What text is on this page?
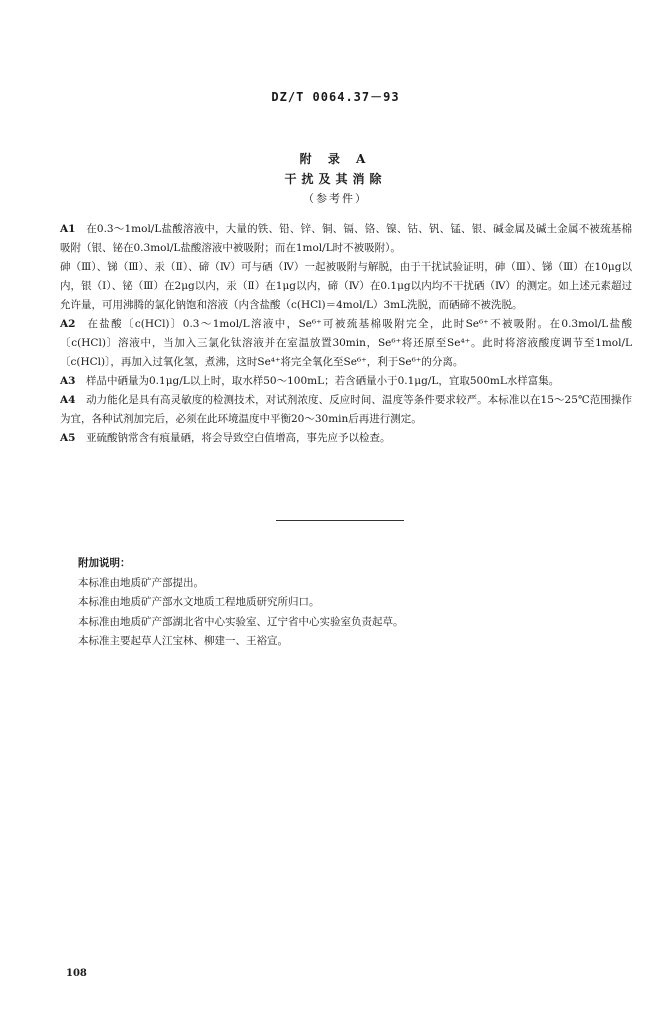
DZ/T 0064.37－93
附 录 A
干扰及其消除
（参考件）

A1 在0.3～1mol/L盐酸溶液中，大量的铁、铅、锌、铜、镉、铬、镍、钴、钒、锰、银、碱金属及碱土金属不被巯基棉吸附（银、铋在0.3mol/L盐酸溶液中被吸附；而在1mol/L时不被吸附）。

砷（Ⅲ）、锑（Ⅲ）、汞（Ⅱ）、碲（Ⅳ）可与硒（Ⅳ）一起被吸附与解脱，由于干扰试验证明，砷（Ⅲ）、锑（Ⅲ）在10μg以内，银（Ⅰ）、铋（Ⅲ）在2μg以内，汞（Ⅱ）在1μg以内，碲（Ⅳ）在0.1μg以内均不干扰硒（Ⅳ）的测定。如上述元素超过允许量，可用沸腾的氯化钠饱和溶液（内含盐酸（c(HCl)＝4mol/L）3mL洗脱，而硒碲不被洗脱。

A2 在盐酸〔c(HCl)〕0.3～1mol/L溶液中，Se⁶⁺可被巯基棉吸附完全，此时Se⁶⁺不被吸附。在0.3mol/L盐酸〔c(HCl)〕溶液中，当加入三氯化钛溶液并在室温放置30min，Se⁶⁺将还原至Se⁴⁺。此时将溶液酸度调节至1mol/L〔c(HCl)〕，再加入过氧化氢，煮沸，这时Se⁴⁺将完全氧化至Se⁶⁺，利于Se⁶⁺的分离。

A3 样品中硒量为0.1μg/L以上时，取水样50～100mL；若含硒量小于0.1μg/L，宜取500mL水样富集。

A4 动力能化是具有高灵敏度的检测技术，对试剂浓度、反应时间、温度等条件要求较严。本标准以在15～25℃范围操作为宜，各种试剂加完后，必须在此环境温度中平衡20～30min后再进行测定。

A5 亚硫酸钠常含有痕量硒，将会导致空白值增高，事先应予以检查。

附加说明：

本标准由地质矿产部提出。

本标准由地质矿产部水文地质工程地质研究所归口。

本标准由地质矿产部湖北省中心实验室、辽宁省中心实验室负责起草。

本标准主要起草人江宝林、柳建一、王裕宣。

108
